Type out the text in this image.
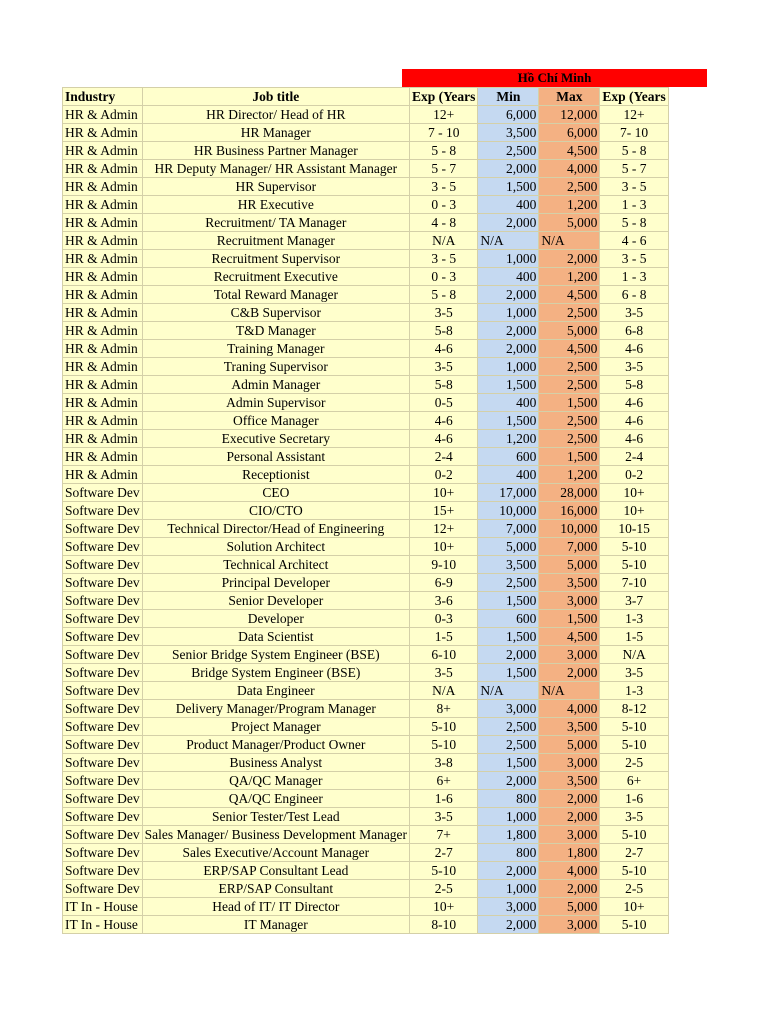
Hồ Chí Minh
Industry	Job title	Exp (Years	Min	Max	Exp (Years
HR & Admin	HR Director/ Head of HR	12+	6,000	12,000	12+
HR & Admin	HR Manager	7 - 10	3,500	6,000	7- 10
HR & Admin	HR Business Partner Manager	5 - 8	2,500	4,500	5 - 8
HR & Admin	HR Deputy Manager/ HR Assistant Manager	5 - 7	2,000	4,000	5 - 7
HR & Admin	HR Supervisor	3 - 5	1,500	2,500	3 - 5
HR & Admin	HR Executive	0 - 3	400	1,200	1 - 3
HR & Admin	Recruitment/ TA Manager	4 - 8	2,000	5,000	5 - 8
HR & Admin	Recruitment Manager	N/A	N/A	N/A	4 - 6
HR & Admin	Recruitment Supervisor	3 - 5	1,000	2,000	3 - 5
HR & Admin	Recruitment Executive	0 - 3	400	1,200	1 - 3
HR & Admin	Total Reward Manager	5 - 8	2,000	4,500	6 - 8
HR & Admin	C&B Supervisor	3-5	1,000	2,500	3-5
HR & Admin	T&D Manager	5-8	2,000	5,000	6-8
HR & Admin	Training Manager	4-6	2,000	4,500	4-6
HR & Admin	Traning Supervisor	3-5	1,000	2,500	3-5
HR & Admin	Admin Manager	5-8	1,500	2,500	5-8
HR & Admin	Admin Supervisor	0-5	400	1,500	4-6
HR & Admin	Office Manager	4-6	1,500	2,500	4-6
HR & Admin	Executive Secretary	4-6	1,200	2,500	4-6
HR & Admin	Personal Assistant	2-4	600	1,500	2-4
HR & Admin	Receptionist	0-2	400	1,200	0-2
Software Dev	CEO	10+	17,000	28,000	10+
Software Dev	CIO/CTO	15+	10,000	16,000	10+
Software Dev	Technical Director/Head of Engineering	12+	7,000	10,000	10-15
Software Dev	Solution Architect	10+	5,000	7,000	5-10
Software Dev	Technical Architect	9-10	3,500	5,000	5-10
Software Dev	Principal Developer	6-9	2,500	3,500	7-10
Software Dev	Senior Developer	3-6	1,500	3,000	3-7
Software Dev	Developer	0-3	600	1,500	1-3
Software Dev	Data Scientist	1-5	1,500	4,500	1-5
Software Dev	Senior Bridge System Engineer (BSE)	6-10	2,000	3,000	N/A
Software Dev	Bridge System Engineer (BSE)	3-5	1,500	2,000	3-5
Software Dev	Data Engineer	N/A	N/A	N/A	1-3
Software Dev	Delivery Manager/Program Manager	8+	3,000	4,000	8-12
Software Dev	Project Manager	5-10	2,500	3,500	5-10
Software Dev	Product Manager/Product Owner	5-10	2,500	5,000	5-10
Software Dev	Business Analyst	3-8	1,500	3,000	2-5
Software Dev	QA/QC Manager	6+	2,000	3,500	6+
Software Dev	QA/QC Engineer	1-6	800	2,000	1-6
Software Dev	Senior Tester/Test Lead	3-5	1,000	2,000	3-5
Software Dev	Sales Manager/ Business Development Manager	7+	1,800	3,000	5-10
Software Dev	Sales Executive/Account Manager	2-7	800	1,800	2-7
Software Dev	ERP/SAP Consultant Lead	5-10	2,000	4,000	5-10
Software Dev	ERP/SAP Consultant	2-5	1,000	2,000	2-5
IT In - House	Head of IT/ IT Director	10+	3,000	5,000	10+
IT In - House	IT Manager	8-10	2,000	3,000	5-10
